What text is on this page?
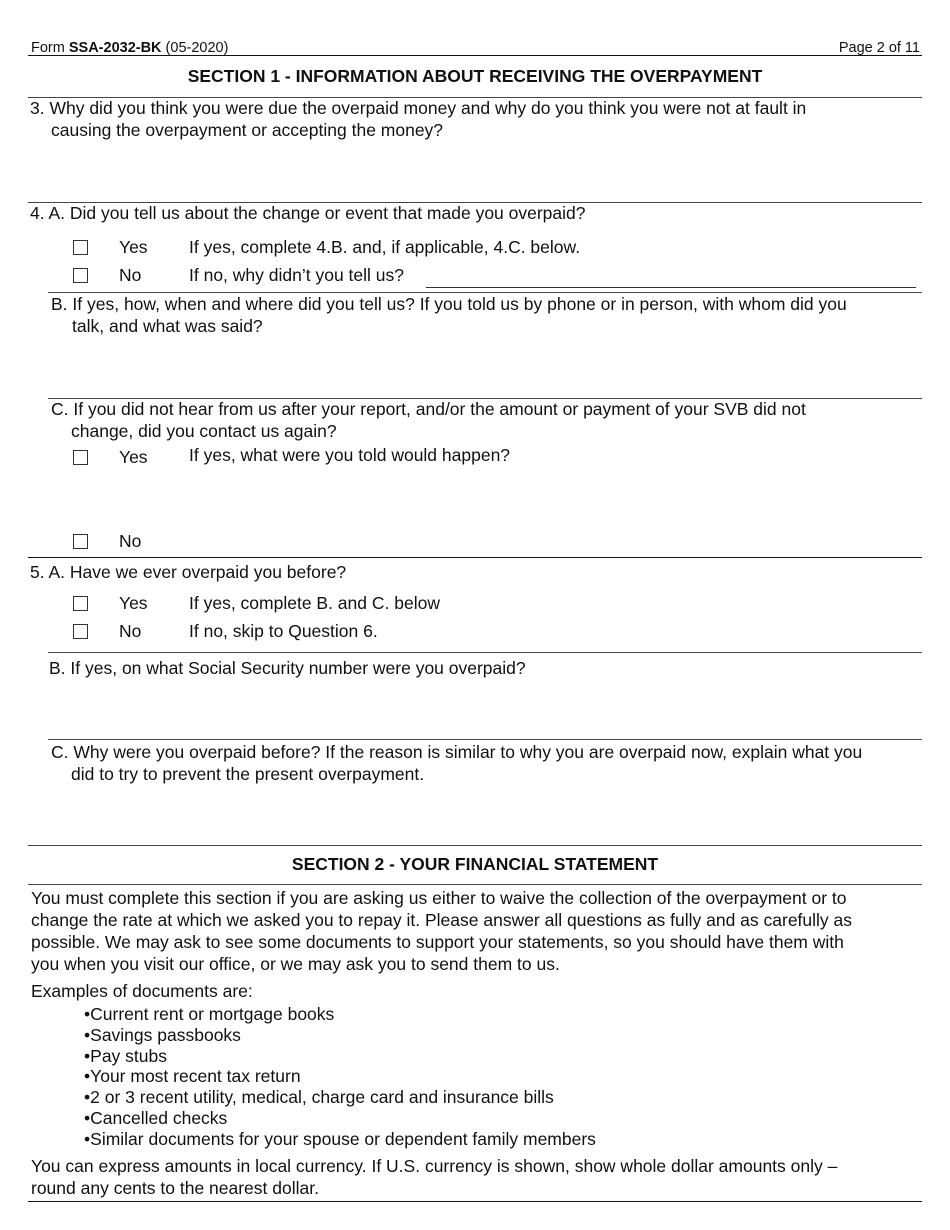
Form SSA-2032-BK (05-2020)	Page 2 of 11
SECTION 1 - INFORMATION ABOUT RECEIVING THE OVERPAYMENT
3. Why did you think you were due the overpaid money and why do you think you were not at fault in
causing the overpayment or accepting the money?
4. A. Did you tell us about the change or event that made you overpaid?
Yes If yes, complete 4.B. and, if applicable, 4.C. below.
No	If no, why didn’t you tell us?
B. If yes, how, when and where did you tell us? If you told us by phone or in person, with whom did you
talk, and what was said?
C. If you did not hear from us after your report, and/or the amount or payment of your SVB did not
change, did you contact us again?
Yes If yes, what were you told would happen?
No
5. A. Have we ever overpaid you before?
Yes If yes, complete B. and C. below
No	If no, skip to Question 6.
B. If yes, on what Social Security number were you overpaid?
C. Why were you overpaid before? If the reason is similar to why you are overpaid now, explain what you
did to try to prevent the present overpayment.
SECTION 2 - YOUR FINANCIAL STATEMENT
You must complete this section if you are asking us either to waive the collection of the overpayment or to
change the rate at which we asked you to repay it. Please answer all questions as fully and as carefully as
possible. We may ask to see some documents to support your statements, so you should have them with
you when you visit our office, or we may ask you to send them to us.
Examples of documents are:
• Current rent or mortgage books
• Savings passbooks
• Pay stubs
• Your most recent tax return
• 2 or 3 recent utility, medical, charge card and insurance bills
• Cancelled checks
• Similar documents for your spouse or dependent family members
You can express amounts in local currency. If U.S. currency is shown, show whole dollar amounts only –
round any cents to the nearest dollar.
